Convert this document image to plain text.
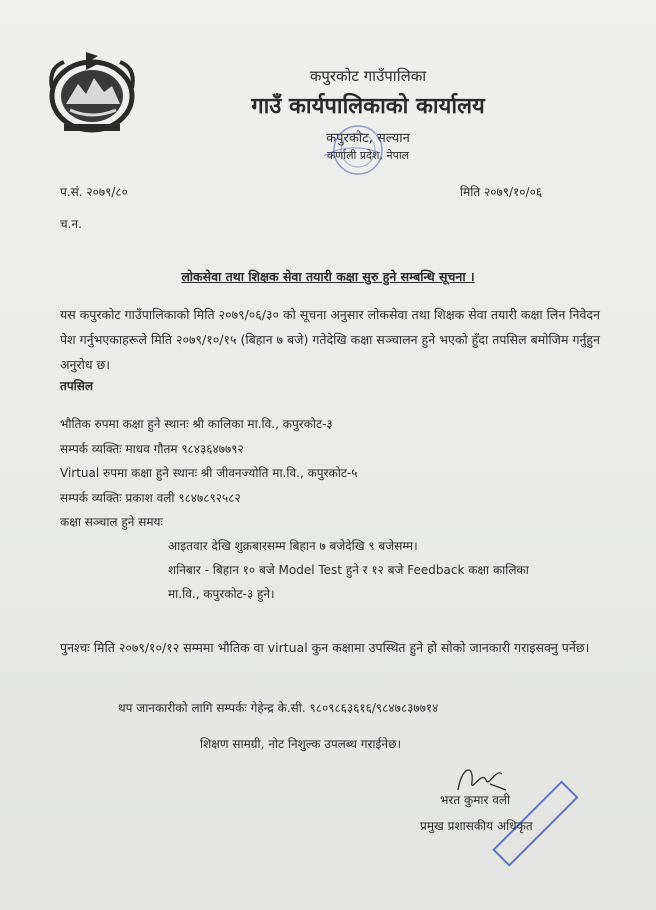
कपुरकोट गाउँपालिका
गाउँ कार्यपालिकाको कार्यालय
कपुरकोट, सल्यान
कर्णाली प्रदेश, नेपाल
प.सं. २०७९/८०	मिति २०७९/१०/०६
च.न.
लोकसेवा तथा शिक्षक सेवा तयारी कक्षा सुरु हुने सम्बन्धि सूचना ।
यस कपुरकोट गाउँपालिकाको मिति २०७९/०६/३० को सूचना अनुसार लोकसेवा तथा शिक्षक सेवा तयारी कक्षा लिन निवेदन पेश गर्नुभएकाहरूले मिति २०७९/१०/१५ (बिहान ७ बजे) गतेदेखि कक्षा सञ्चालन हुने भएको हुँदा तपसिल बमोजिम गर्नुहुन अनुरोध छ।
तपसिल
भौतिक रुपमा कक्षा हुने स्थानः श्री कालिका मा.वि., कपुरकोट-३
सम्पर्क व्यक्तिः माधव गौतम ९८४३६४७७९२
Virtual रुपमा कक्षा हुने स्थानः श्री जीवनज्योति मा.वि., कपुरकोट-५
सम्पर्क व्यक्तिः प्रकाश वली ९८४७८९२५८२
कक्षा सञ्चाल हुने समयः
आइतवार देखि शुक्रबारसम्म बिहान ७ बजेदेखि ९ बजेसम्म।
शनिबार - बिहान १० बजे Model Test हुने र १२ बजे Feedback कक्षा कालिका
मा.वि., कपुरकोट-३ हुने।
पुनश्चः मिति २०७९/१०/१२ सम्ममा भौतिक वा virtual कुन कक्षामा उपस्थित हुने हो सोको जानकारी गराइसक्नु पर्नेछ।
थप जानकारीको लागि सम्पर्कः गेहेन्द्र के.सी. ९८०९८६३६१६/९८४७८३७७१४
शिक्षण सामग्री, नोट निशुल्क उपलब्ध गराईनेछ।
भरत कुमार वली
प्रमुख प्रशासकीय अधिकृत
